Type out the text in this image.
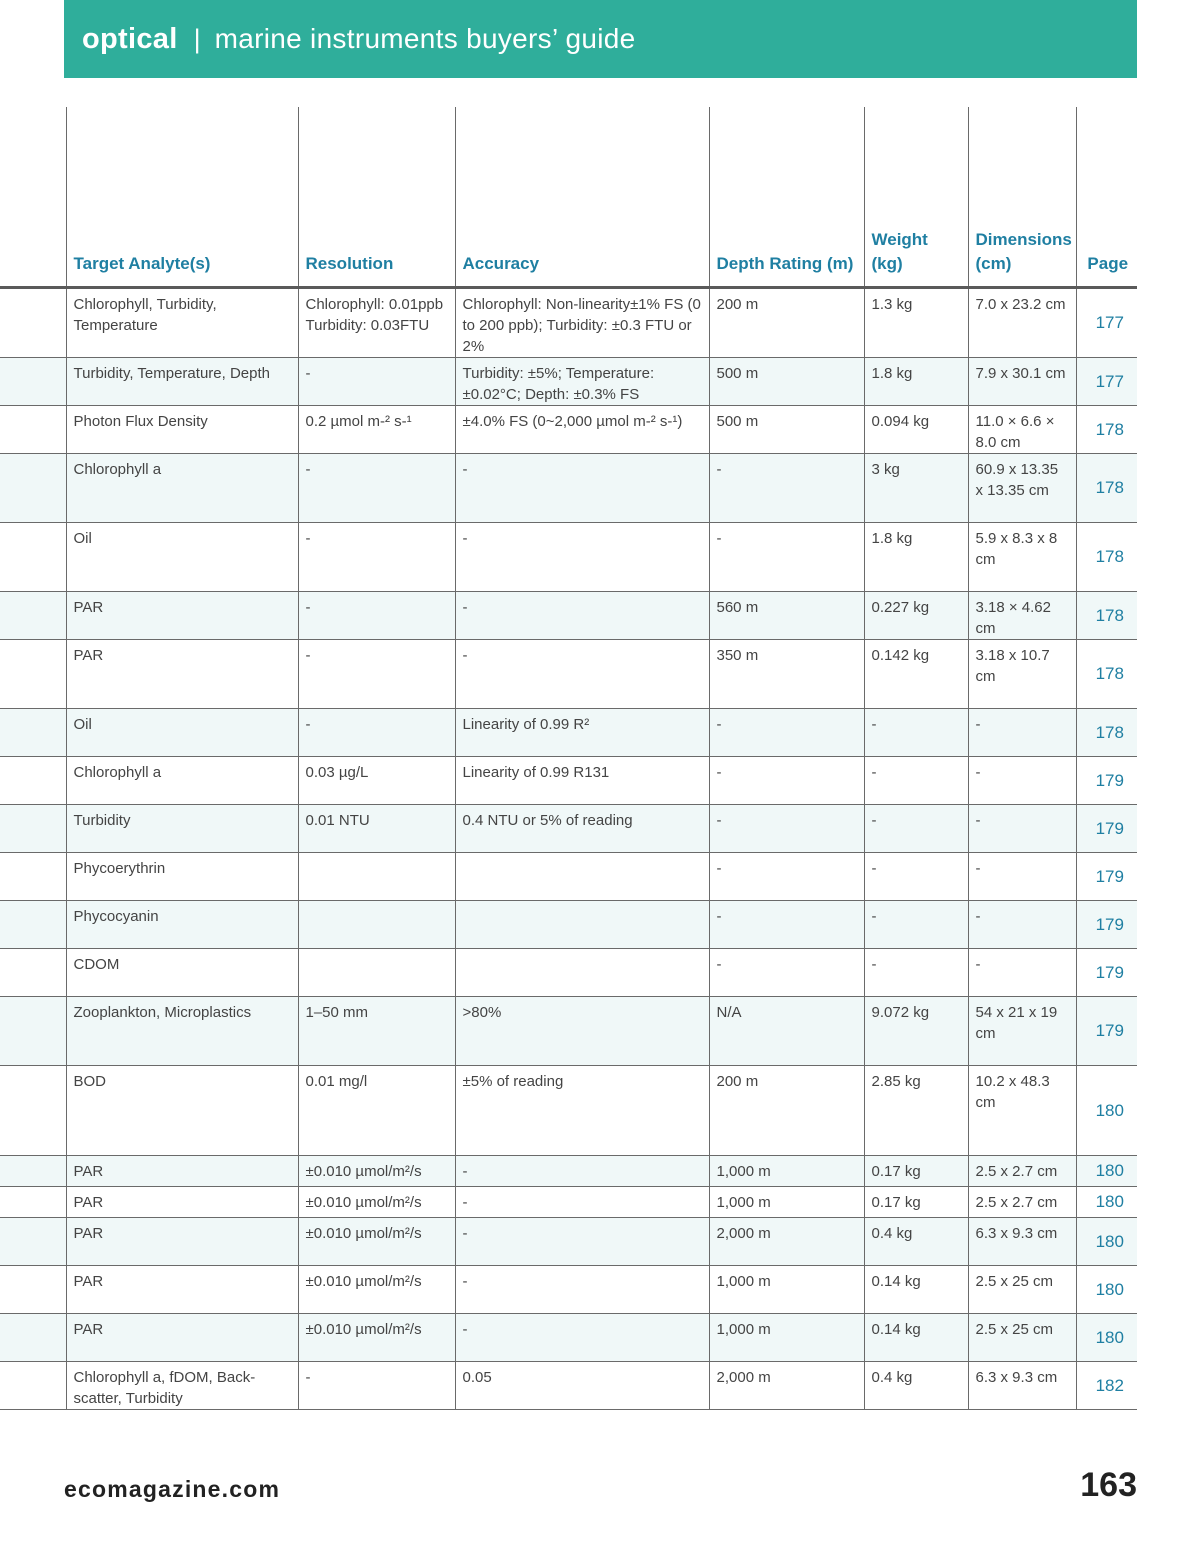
optical | marine instruments buyers’ guide
	Target Analyte(s)	Resolution	Accuracy	Depth Rating (m)	Weight (kg)	Dimensions (cm)	Page
	Chlorophyll, Turbidity, Temperature	Chlorophyll: 0.01ppb Turbidity: 0.03FTU	Chlorophyll: Non-linearity±1% FS (0 to 200 ppb); Turbidity: ±0.3 FTU or 2%	200 m	1.3 kg	7.0 x 23.2 cm	177
	Turbidity, Temperature, Depth	-	Turbidity: ±5%; Temperature: ±0.02°C; Depth: ±0.3% FS	500 m	1.8 kg	7.9 x 30.1 cm	177
	Photon Flux Density	0.2 µmol m-² s-¹	±4.0% FS (0~2,000 µmol m-² s-¹)	500 m	0.094 kg	11.0 × 6.6 × 8.0 cm	178
	Chlorophyll a	-	-	-	3 kg	60.9 x 13.35 x 13.35 cm	178
	Oil	-	-	-	1.8 kg	5.9 x 8.3 x 8 cm	178
	PAR	-	-	560 m	0.227 kg	3.18 × 4.62 cm	178
	PAR	-	-	350 m	0.142 kg	3.18 x 10.7 cm	178
	Oil	-	Linearity of 0.99 R²	-	-	-	178
	Chlorophyll a	0.03 µg/L	Linearity of 0.99 R131	-	-	-	179
	Turbidity	0.01 NTU	0.4 NTU or 5% of reading	-	-	-	179
	Phycoerythrin			-	-	-	179
	Phycocyanin			-	-	-	179
	CDOM			-	-	-	179
	Zooplankton, Microplastics	1–50 mm	>80%	N/A	9.072 kg	54 x 21 x 19 cm	179
	BOD	0.01 mg/l	±5% of reading	200 m	2.85 kg	10.2 x 48.3 cm	180
	PAR	±0.010 µmol/m²/s	-	1,000 m	0.17 kg	2.5 x 2.7 cm	180
	PAR	±0.010 µmol/m²/s	-	1,000 m	0.17 kg	2.5 x 2.7 cm	180
	PAR	±0.010 µmol/m²/s	-	2,000 m	0.4 kg	6.3 x 9.3 cm	180
	PAR	±0.010 µmol/m²/s	-	1,000 m	0.14 kg	2.5 x 25 cm	180
	PAR	±0.010 µmol/m²/s	-	1,000 m	0.14 kg	2.5 x 25 cm	180
	Chlorophyll a, fDOM, Back-scatter, Turbidity	-	0.05	2,000 m	0.4 kg	6.3 x 9.3 cm	182
ecomagazine.com	163
